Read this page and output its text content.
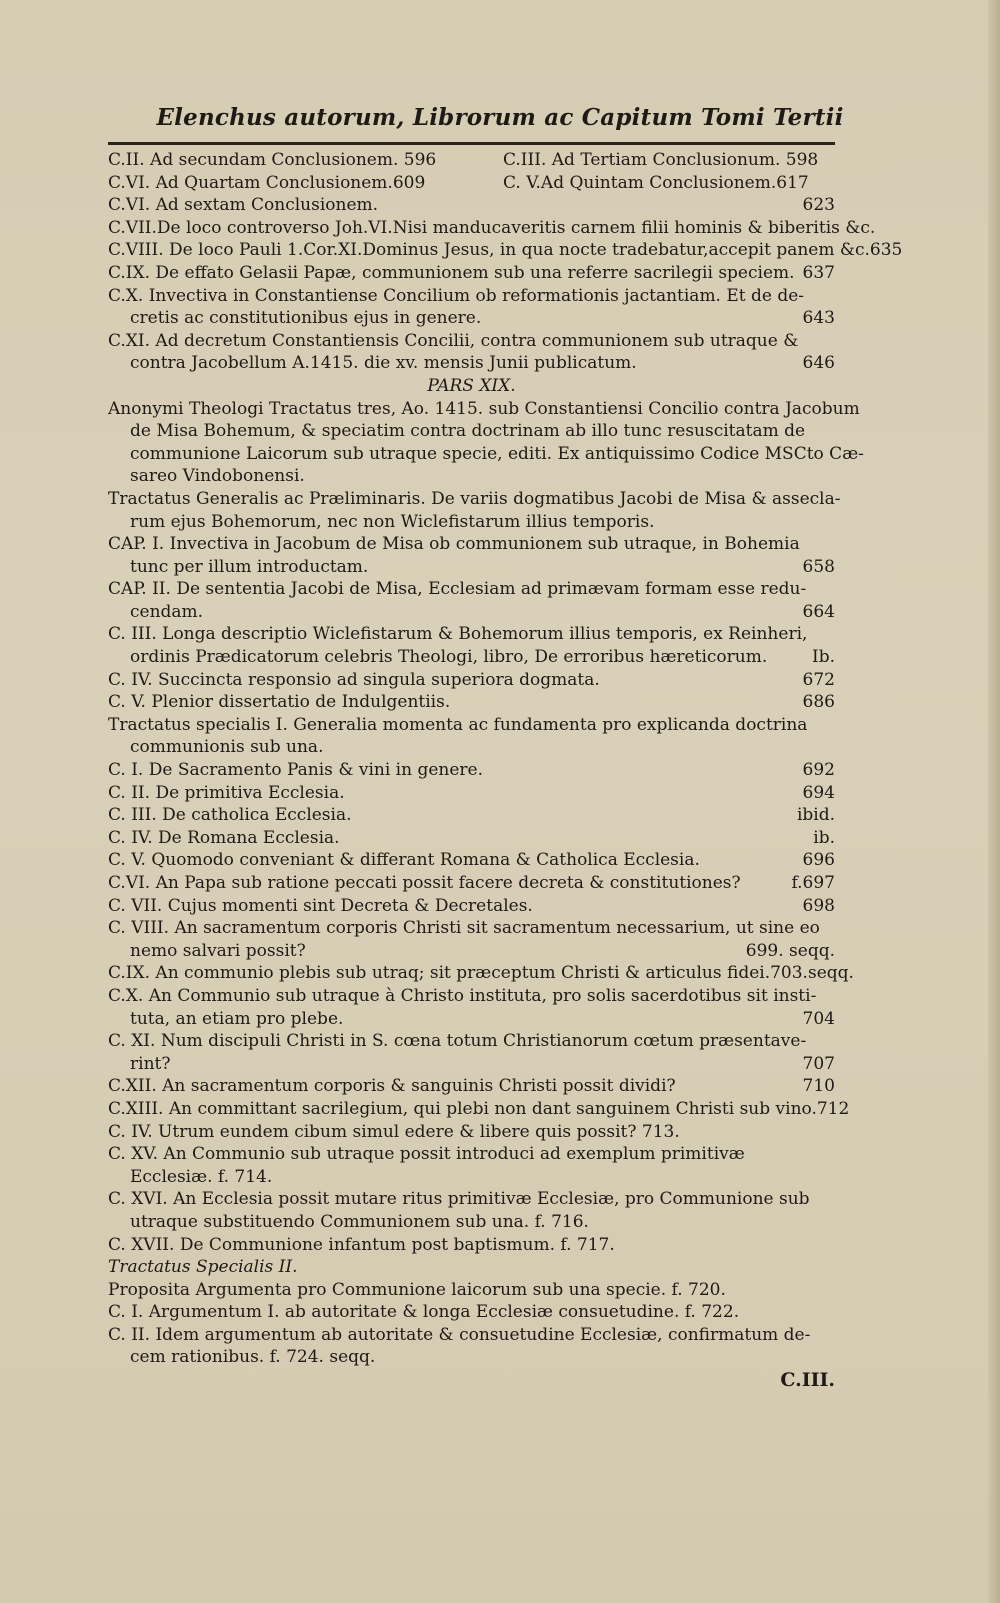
Elenchus autorum, Librorum ac Capitum Tomi Tertii
C.II. Ad secundam Conclusionem. 596	C.III. Ad Tertiam Conclusionum. 598
C.VI. Ad Quartam Conclusionem.609	C. V.Ad Quintam Conclusionem.617
C.VI. Ad sextam Conclusionem.	623
C.VII.De loco controverso Joh.VI.Nisi manducaveritis carnem filii hominis & biberitis &c.
C.VIII. De loco Pauli 1.Cor.XI.Dominus Jesus, in qua nocte tradebatur,accepit panem &c.635
C.IX. De effato Gelasii Papæ, communionem sub una referre sacrilegii speciem. 637
C.X. Invectiva in Constantiense Concilium ob reformationis jactantiam. Et de de-
cretis ac constitutionibus ejus in genere.	643
C.XI. Ad decretum Constantiensis Concilii, contra communionem sub utraque &
contra Jacobellum A.1415. die xv. mensis Junii publicatum.	646
PARS XIX.
Anonymi Theologi Tractatus tres, Ao. 1415. sub Constantiensi Concilio contra Jacobum
de Misa Bohemum, & speciatim contra doctrinam ab illo tunc resuscitatam de
communione Laicorum sub utraque specie, editi. Ex antiquissimo Codice MSCto Cæ-
sareo Vindobonensi.
Tractatus Generalis ac Præliminaris. De variis dogmatibus Jacobi de Misa & asseclа-
rum ejus Bohemorum, nec non Wiclefistarum illius temporis.
CAP. I. Invectiva in Jacobum de Misa ob communionem sub utraque, in Bohemia
tunc per illum introductam.	658
CAP. II. De sententia Jacobi de Misa, Ecclesiam ad primævam formam esse redu-
cendam.	664
C. III. Longa descriptio Wiclefistarum & Bohemorum illius temporis, ex Reinheri,
ordinis Prædicatorum celebris Theologi, libro, De erroribus hæreticorum.	Ib.
C. IV. Succincta responsio ad singula superiora dogmata.	672
C. V. Plenior dissertatio de Indulgentiis.	686
Tractatus specialis I. Generalia momenta ac fundamenta pro explicanda doctrina
communionis sub una.
C. I. De Sacramento Panis & vini in genere.	692
C. II. De primitiva Ecclesia.	694
C. III. De catholica Ecclesia.	ibid.
C. IV. De Romana Ecclesia.	ib.
C. V. Quomodo conveniant & differant Romana & Catholica Ecclesia.	696
C.VI. An Papa sub ratione peccati possit facere decreta & constitutiones?	f.697
C. VII. Cujus momenti sint Decreta & Decretales.	698
C. VIII. An sacramentum corporis Christi sit sacramentum necessarium, ut sine eo
nemo salvari possit?	699. seqq.
C.IX. An communio plebis sub utraq; sit præceptum Christi & articulus fidei.703.seqq.
C.X. An Communio sub utraque à Christo instituta, pro solis sacerdotibus sit insti-
tuta, an etiam pro plebe.	704
C. XI. Num discipuli Christi in S. cœna totum Christianorum cœtum præsentave-
rint?	707
C.XII. An sacramentum corporis & sanguinis Christi possit dividi?	710
C.XIII. An committant sacrilegium, qui plebi non dant sanguinem Christi sub vino.712
C. IV. Utrum eundem cibum simul edere & libere quis possit? 713.
C. XV. An Communio sub utraque possit introduci ad exemplum primitivæ
Ecclesiæ. f. 714.
C. XVI. An Ecclesia possit mutare ritus primitivæ Ecclesiæ, pro Communione sub
utraque substituendo Communionem sub una. f. 716.
C. XVII. De Communione infantum post baptismum. f. 717.
Tractatus Specialis II.
Proposita Argumenta pro Communione laicorum sub una specie. f. 720.
C. I. Argumentum I. ab autoritate & longa Ecclesiæ consuetudine. f. 722.
C. II. Idem argumentum ab autoritate & consuetudine Ecclesiæ, confirmatum de-
cem rationibus. f. 724. seqq.
C.III.
